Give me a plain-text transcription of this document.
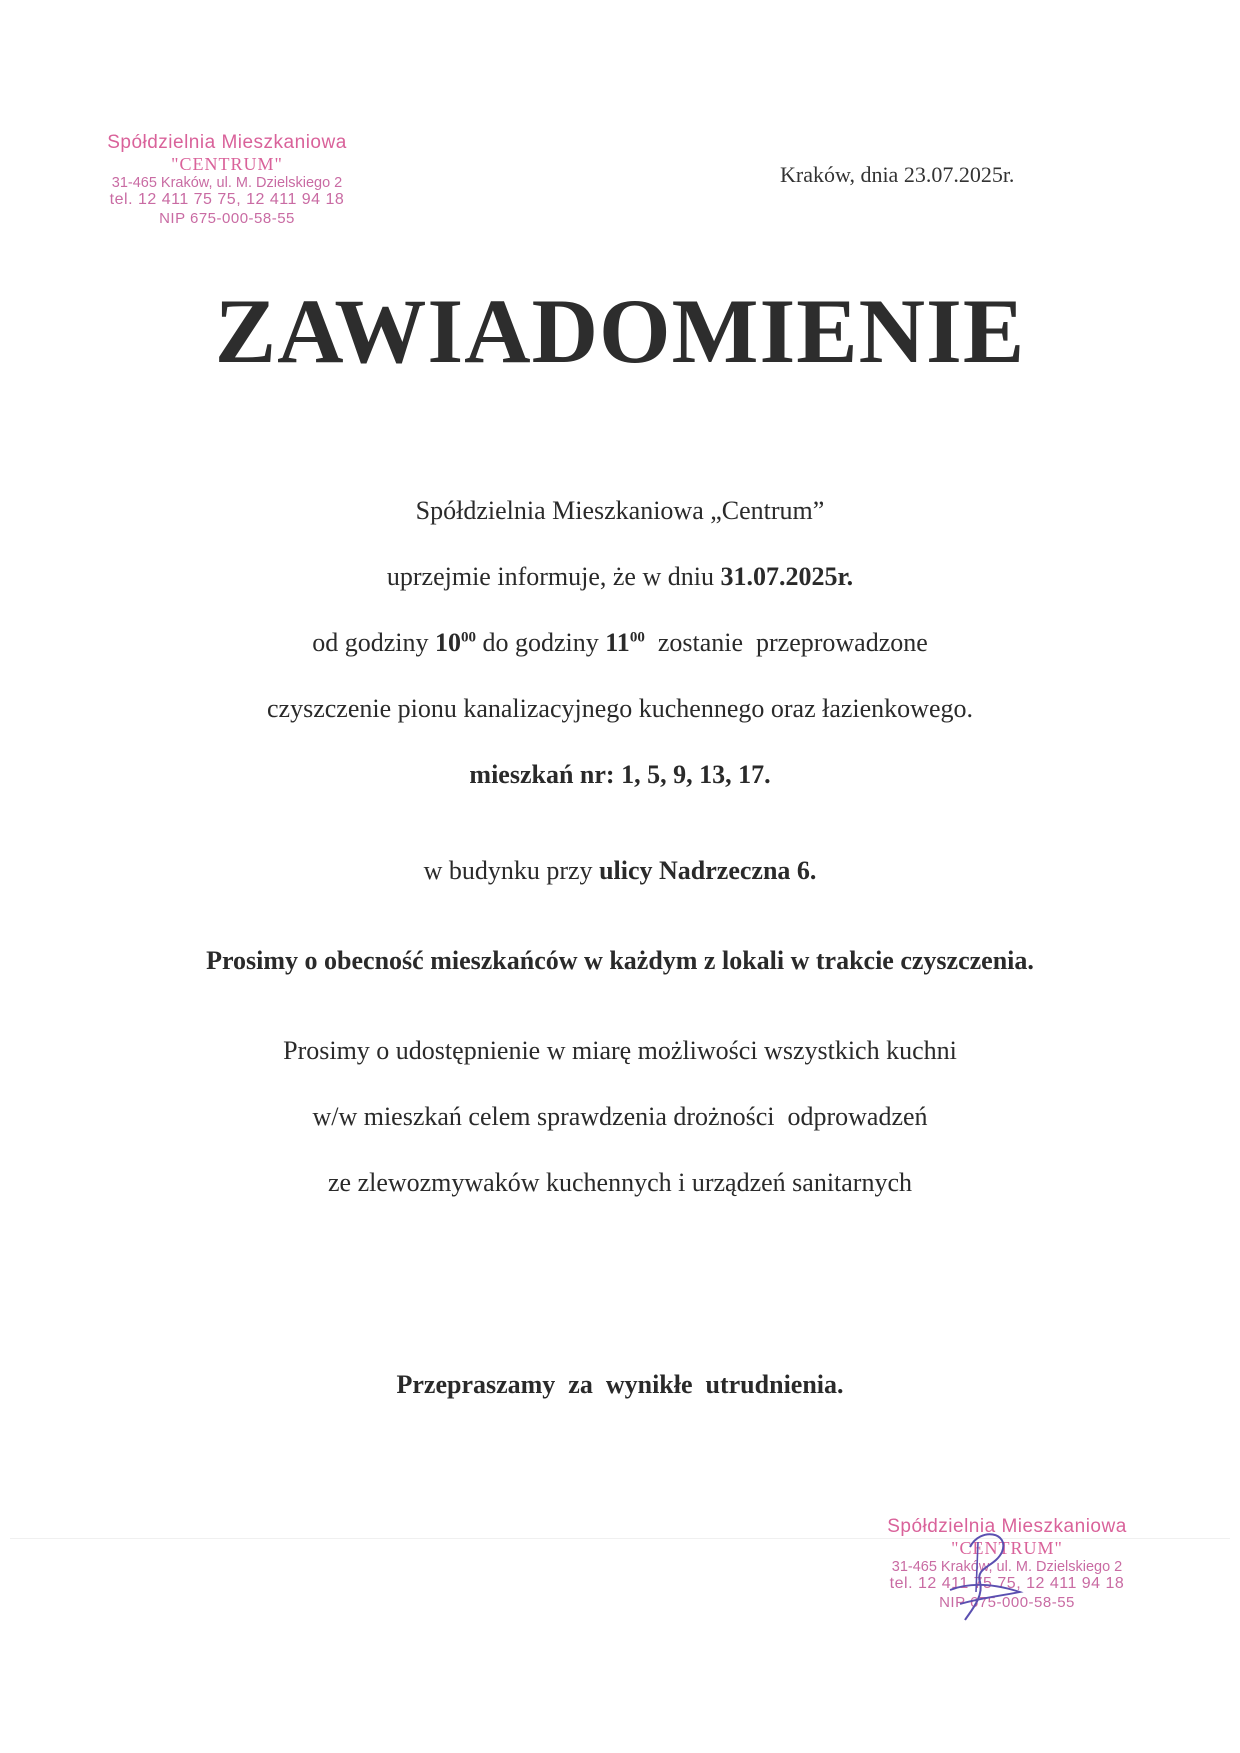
Spółdzielnia Mieszkaniowa
"CENTRUM"
31-465 Kraków, ul. M. Dzielskiego 2
tel. 12 411 75 75, 12 411 94 18
NIP 675-000-58-55
Kraków, dnia 23.07.2025r.
ZAWIADOMIENIE
Spółdzielnia Mieszkaniowa „Centrum”
uprzejmie informuje, że w dniu 31.07.2025r.
od godziny $10^{00}$ do godziny $11^{00}$  zostanie  przeprowadzone
czyszczenie pionu kanalizacyjnego kuchennego oraz łazienkowego.
mieszkań nr: 1, 5, 9, 13, 17.
w budynku przy ulicy Nadrzeczna 6.
Prosimy o obecność mieszkańców w każdym z lokali w trakcie czyszczenia.
Prosimy o udostępnienie w miarę możliwości wszystkich kuchni
w/w mieszkań celem sprawdzenia drożności  odprowadzeń
ze zlewozmywaków kuchennych i urządzeń sanitarnych
Przepraszamy  za  wynikłe  utrudnienia.
Spółdzielnia Mieszkaniowa
"CENTRUM"
31-465 Kraków, ul. M. Dzielskiego 2
tel. 12 411 75 75, 12 411 94 18
NIP 675-000-58-55
